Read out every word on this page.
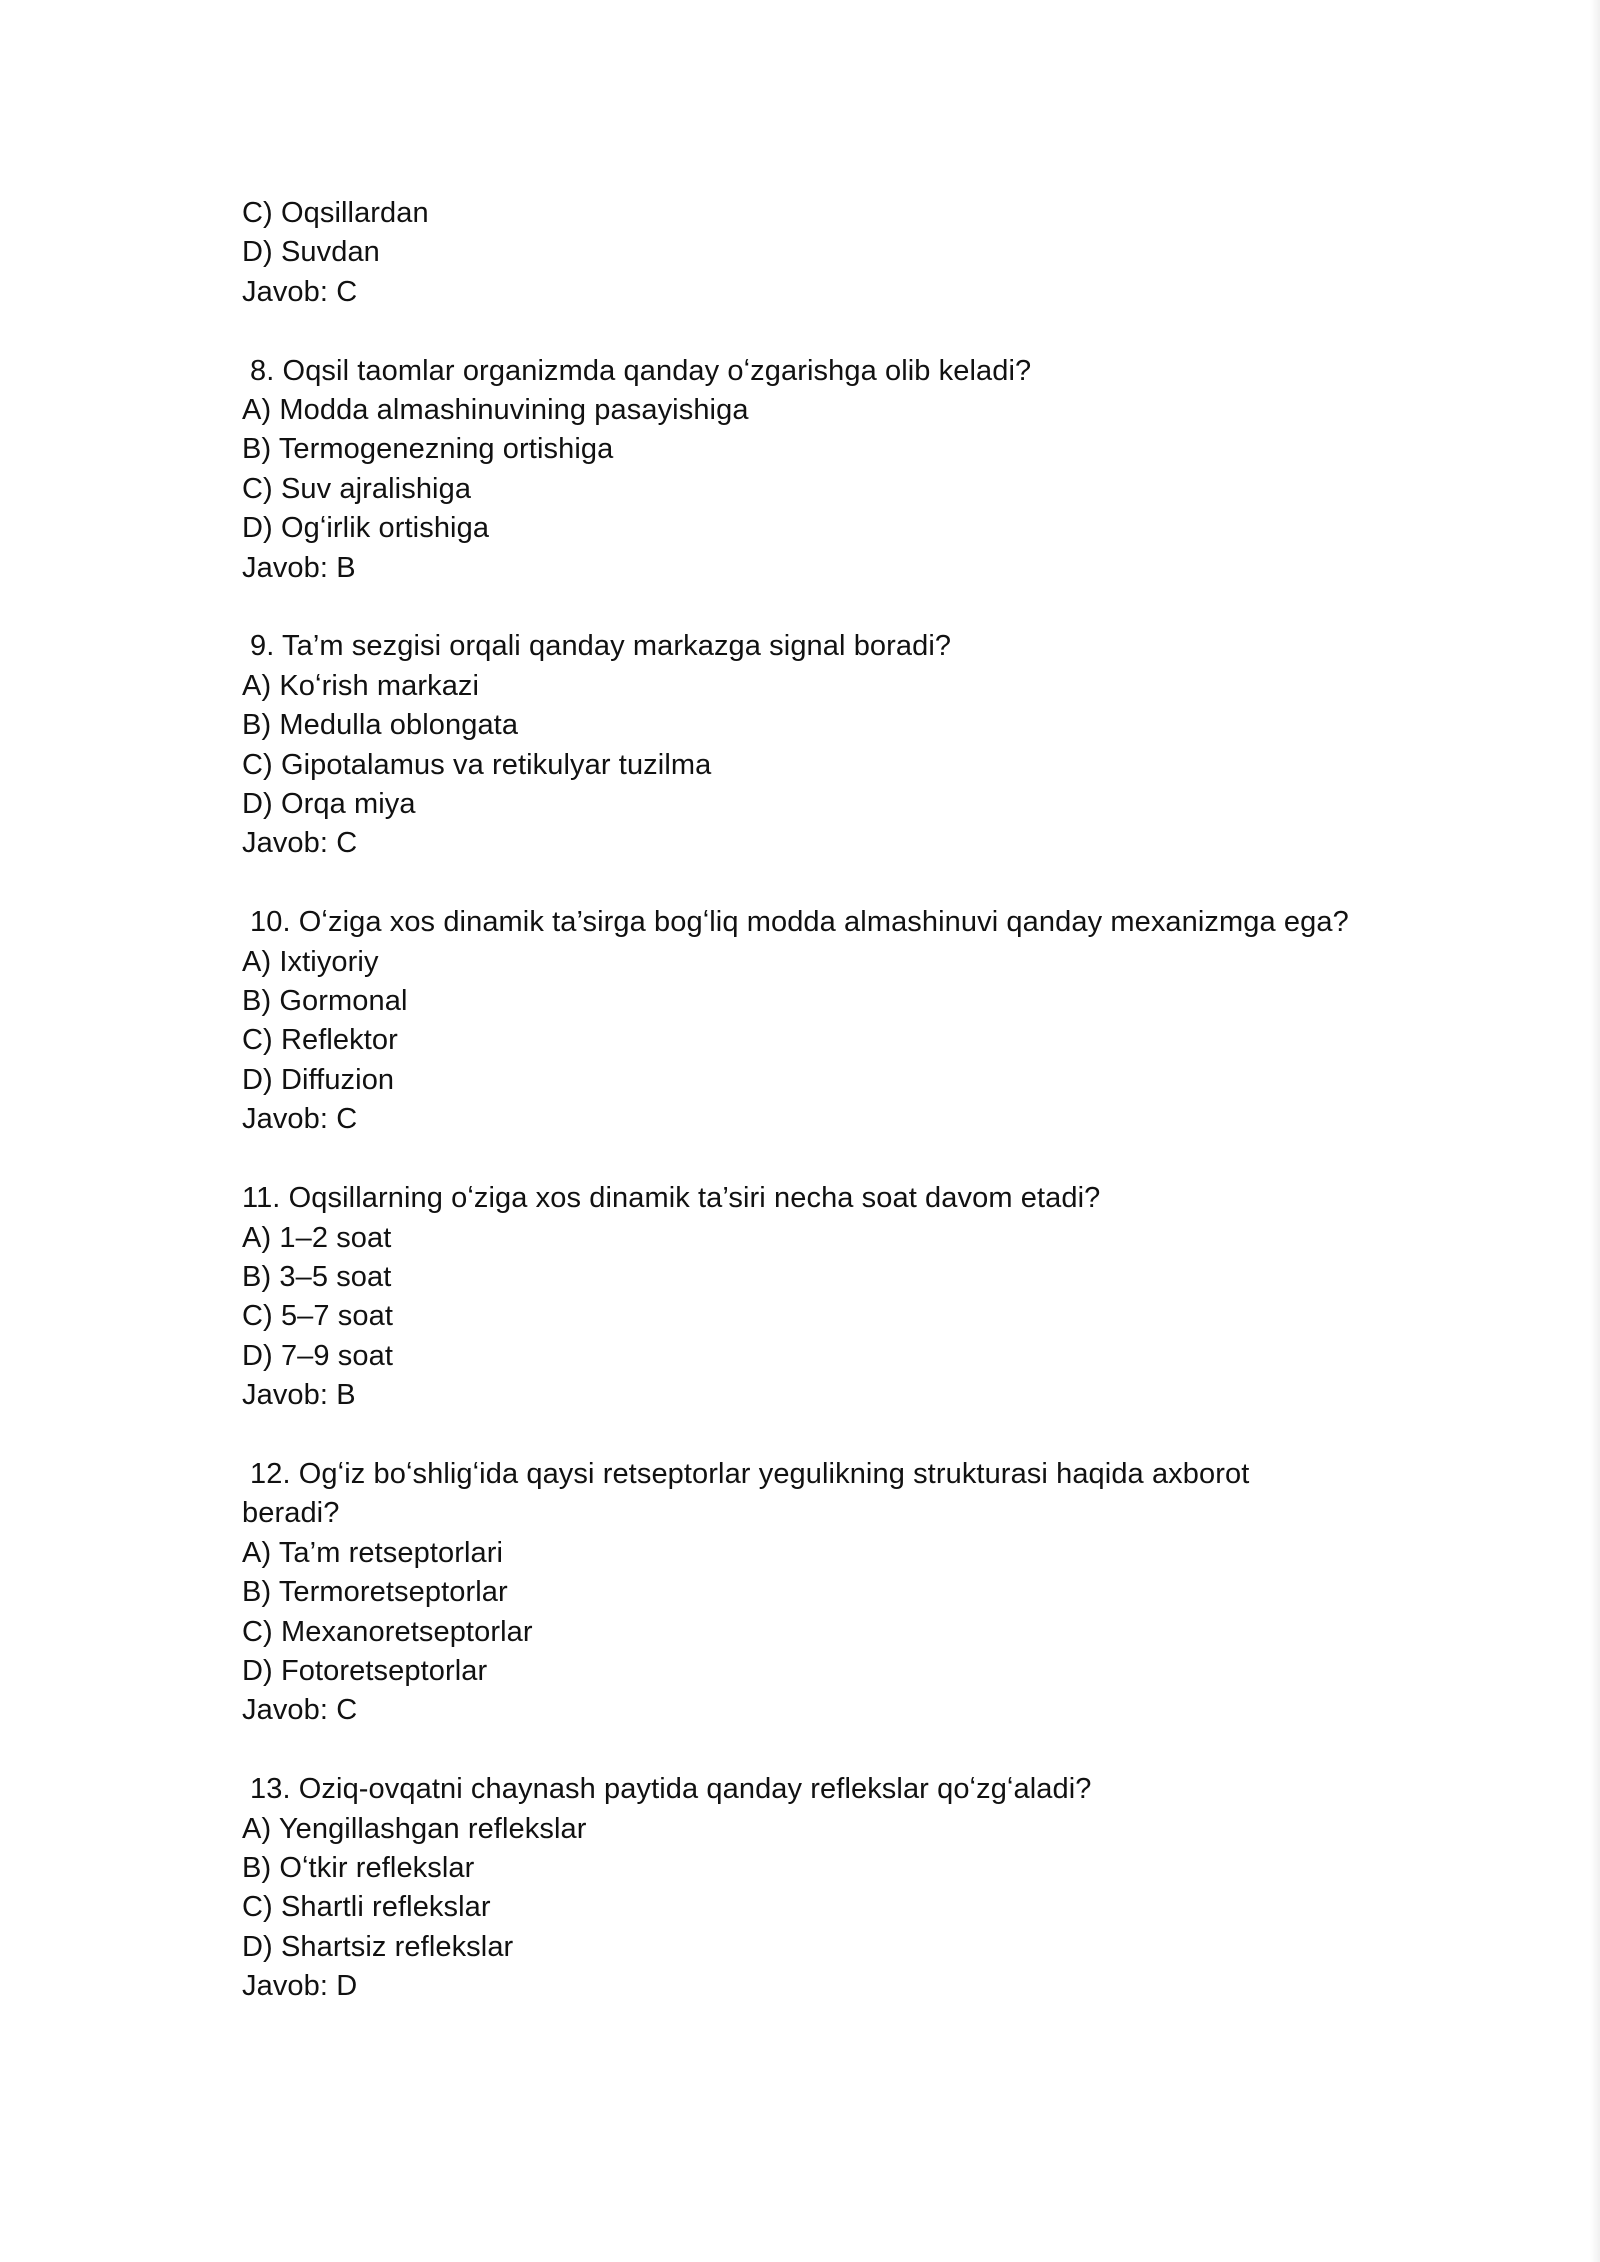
C) Oqsillardan
D) Suvdan
Javob: C
8. Oqsil taomlar organizmda qanday oʻzgarishga olib keladi?
A) Modda almashinuvining pasayishiga
B) Termogenezning ortishiga
C) Suv ajralishiga
D) Ogʻirlik ortishiga
Javob: B
9. Ta’m sezgisi orqali qanday markazga signal boradi?
A) Koʻrish markazi
B) Medulla oblongata
C) Gipotalamus va retikulyar tuzilma
D) Orqa miya
Javob: C
10. Oʻziga xos dinamik ta’sirga bogʻliq modda almashinuvi qanday mexanizmga ega?
A) Ixtiyoriy
B) Gormonal
C) Reflektor
D) Diffuzion
Javob: C
11. Oqsillarning oʻziga xos dinamik ta’siri necha soat davom etadi?
A) 1–2 soat
B) 3–5 soat
C) 5–7 soat
D) 7–9 soat
Javob: B
12. Ogʻiz boʻshligʻida qaysi retseptorlar yegulikning strukturasi haqida axborot
beradi?
A) Ta’m retseptorlari
B) Termoretseptorlar
C) Mexanoretseptorlar
D) Fotoretseptorlar
Javob: C
13. Oziq-ovqatni chaynash paytida qanday reflekslar qoʻzgʻaladi?
A) Yengillashgan reflekslar
B) Oʻtkir reflekslar
C) Shartli reflekslar
D) Shartsiz reflekslar
Javob: D
